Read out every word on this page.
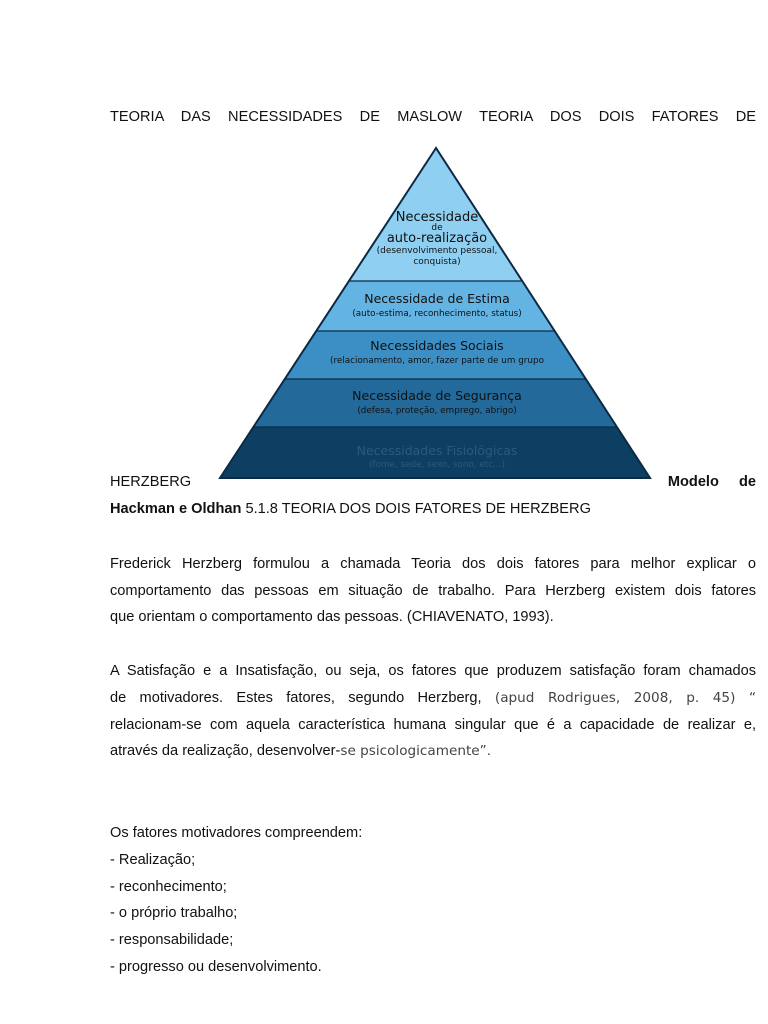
TEORIA DAS NECESSIDADES DE MASLOW TEORIA DOS DOIS FATORES DE
HERZBERG	Modelo de
Hackman e Oldhan 5.1.8 TEORIA DOS DOIS FATORES DE HERZBERG
Frederick Herzberg formulou a chamada Teoria dos dois fatores para melhor explicar o
comportamento das pessoas em situação de trabalho. Para Herzberg existem dois fatores
que orientam o comportamento das pessoas. (CHIAVENATO, 1993).
A Satisfação e a Insatisfação, ou seja, os fatores que produzem satisfação foram chamados
de motivadores. Estes fatores, segundo Herzberg, (apud Rodrigues, 2008, p. 45) “
relacionam-se com aquela característica humana singular que é a capacidade de realizar e,
através da realização, desenvolver-se psicologicamente”.
Os fatores motivadores compreendem:
- Realização;
- reconhecimento;
- o próprio trabalho;
- responsabilidade;
- progresso ou desenvolvimento.
Necessidade
de
auto-realização
(desenvolvimento pessoal,
conquista)
Necessidade de Estima
(auto-estima, reconhecimento, status)
Necessidades Sociais
(relacionamento, amor, fazer parte de um grupo
Necessidade de Segurança
(defesa, proteção, emprego, abrigo)
Necessidades Fisiológicas
(fome, sede, sexo, sono, etc...)
